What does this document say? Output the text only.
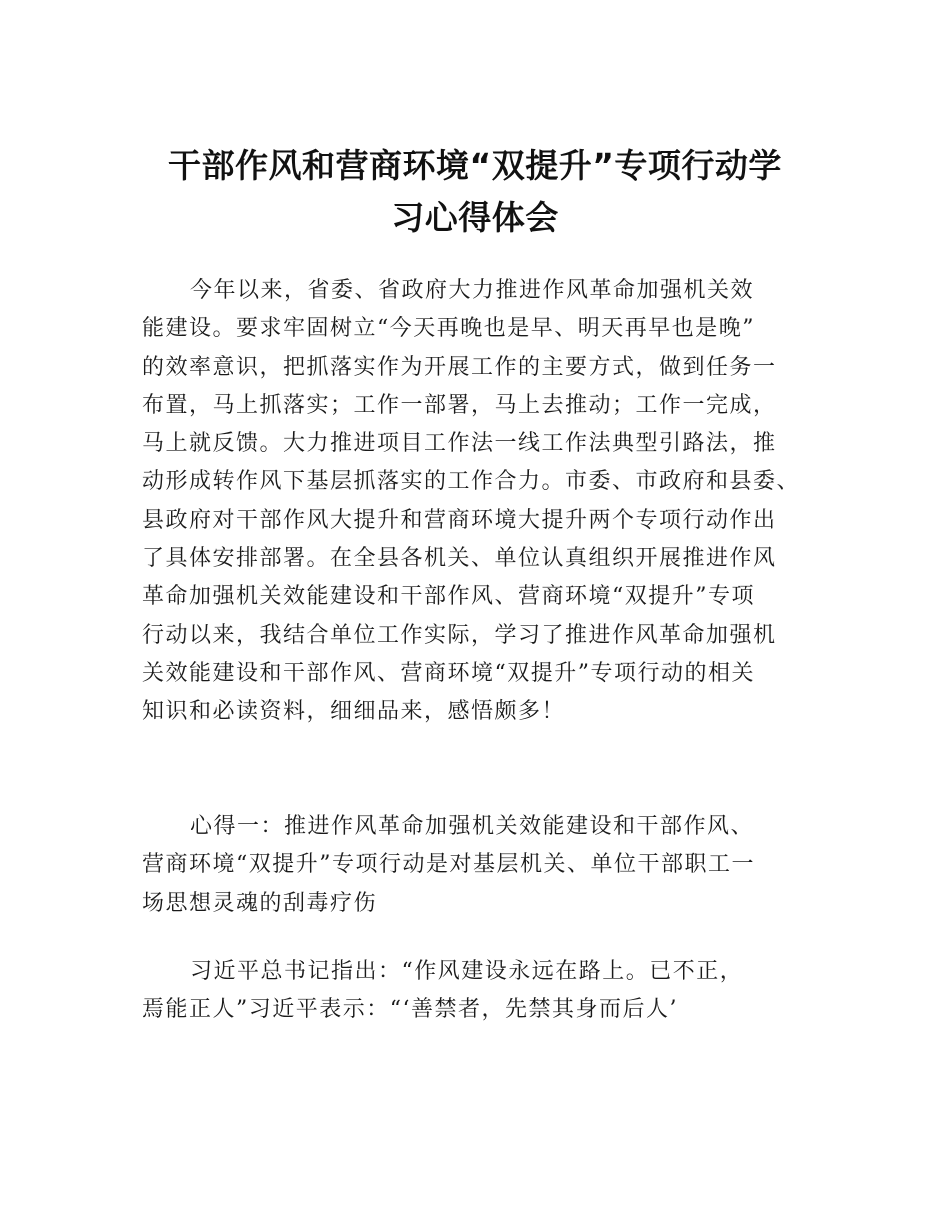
干部作风和营商环境“双提升”专项行动学
习心得体会
今年以来，省委、省政府大力推进作风革命加强机关效
能建设。要求牢固树立“今天再晚也是早、明天再早也是晚”
的效率意识，把抓落实作为开展工作的主要方式，做到任务一
布置，马上抓落实；工作一部署，马上去推动；工作一完成，
马上就反馈。大力推进项目工作法一线工作法典型引路法，推
动形成转作风下基层抓落实的工作合力。市委、市政府和县委、
县政府对干部作风大提升和营商环境大提升两个专项行动作出
了具体安排部署。在全县各机关、单位认真组织开展推进作风
革命加强机关效能建设和干部作风、营商环境“双提升”专项
行动以来，我结合单位工作实际，学习了推进作风革命加强机
关效能建设和干部作风、营商环境“双提升”专项行动的相关
知识和必读资料，细细品来，感悟颇多！
心得一：推进作风革命加强机关效能建设和干部作风、
营商环境“双提升”专项行动是对基层机关、单位干部职工一
场思想灵魂的刮毒疗伤
习近平总书记指出：“作风建设永远在路上。已不正，
焉能正人”习近平表示：“‘善禁者，先禁其身而后人’
